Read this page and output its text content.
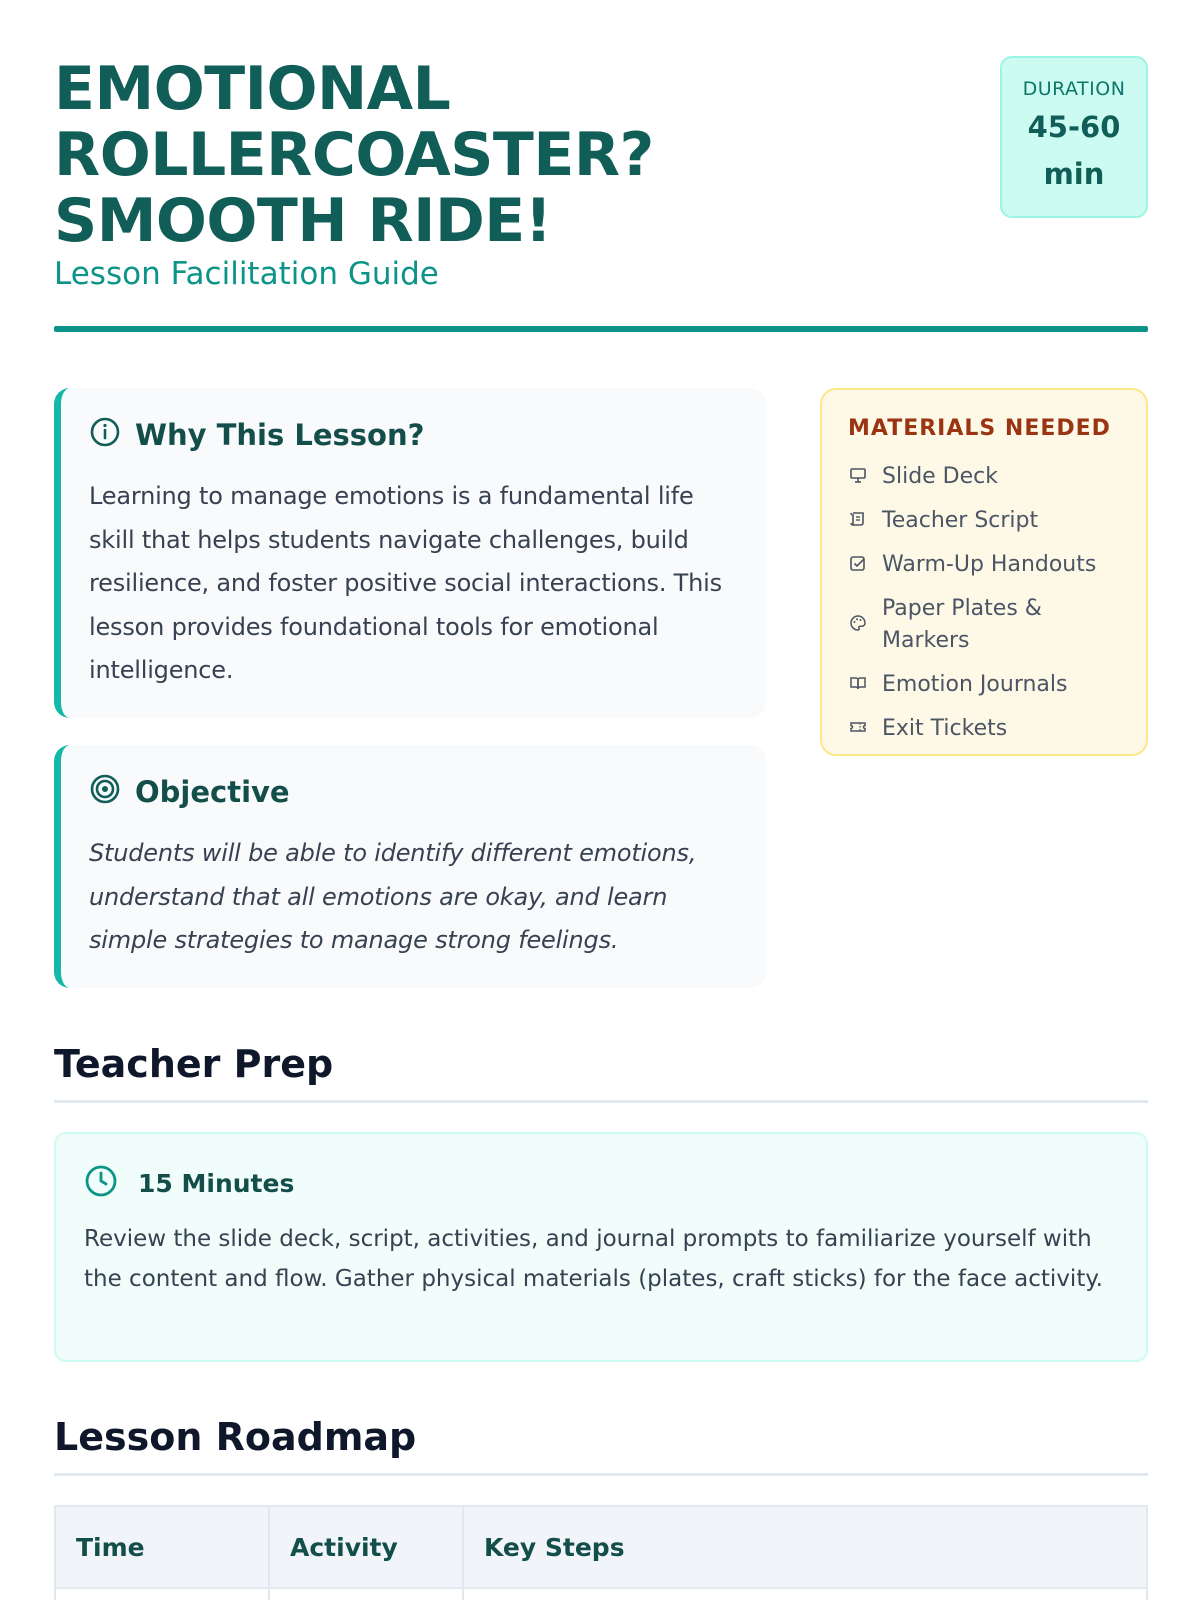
EMOTIONAL ROLLERCOASTER? SMOOTH RIDE!
Lesson Facilitation Guide
DURATION
45-60 min
Why This Lesson?

Learning to manage emotions is a fundamental life skill that helps students navigate challenges, build resilience, and foster positive social interactions. This lesson provides foundational tools for emotional intelligence.

Objective

Students will be able to identify different emotions, understand that all emotions are okay, and learn simple strategies to manage strong feelings.

MATERIALS NEEDED
Slide Deck
Teacher Script
Warm-Up Handouts
Paper Plates & Markers
Emotion Journals
Exit Tickets
Teacher Prep
15 Minutes

Review the slide deck, script, activities, and journal prompts to familiarize yourself with the content and flow. Gather physical materials (plates, craft sticks) for the face activity.

Lesson Roadmap
Time	Activity	Key Steps
